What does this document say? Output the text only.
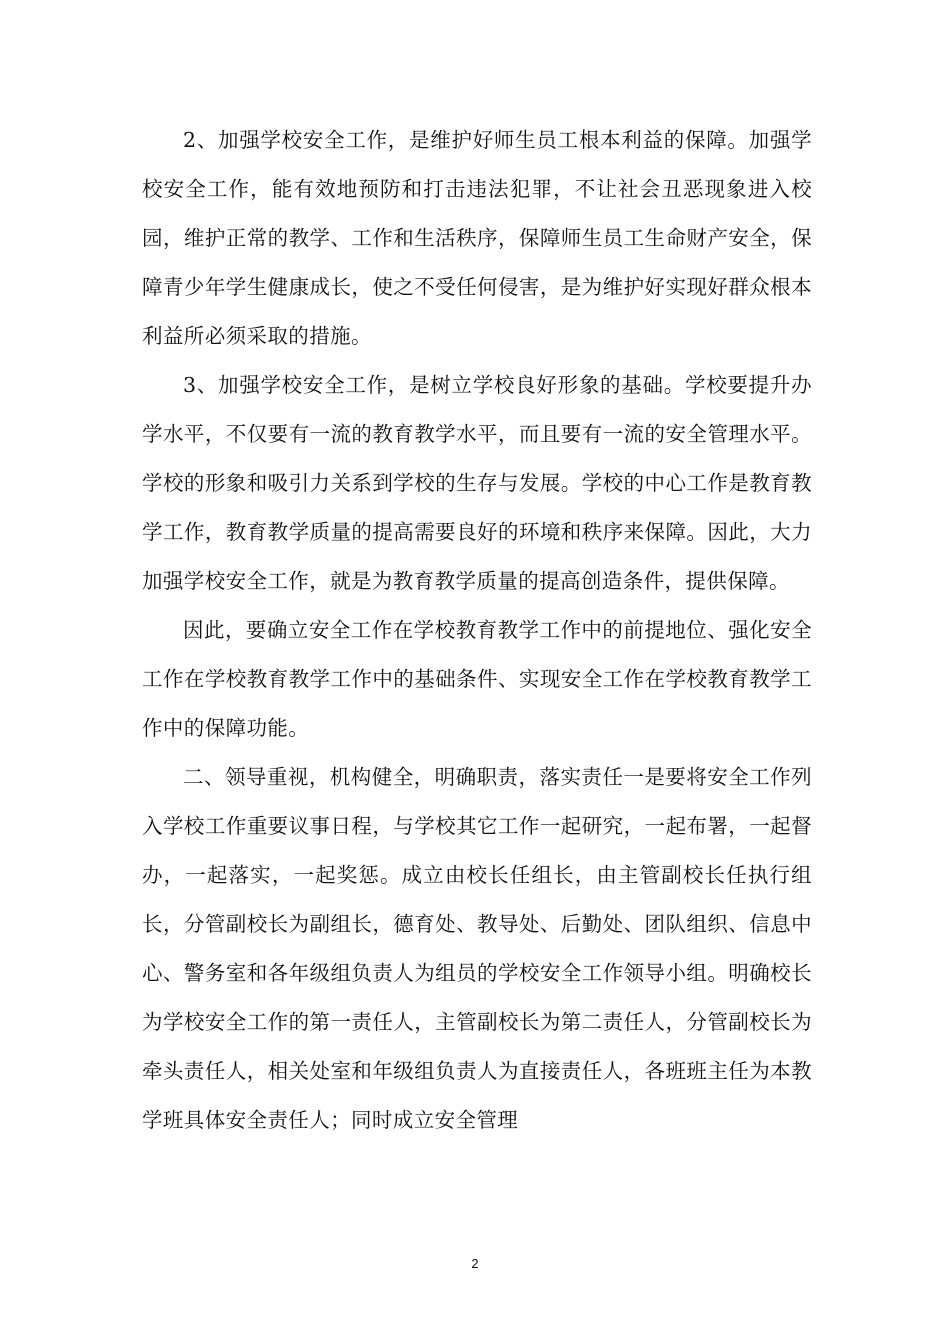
2、加强学校安全工作，是维护好师生员工根本利益的保障。加强学校安全工作，能有效地预防和打击违法犯罪，不让社会丑恶现象进入校园，维护正常的教学、工作和生活秩序，保障师生员工生命财产安全，保障青少年学生健康成长，使之不受任何侵害，是为维护好实现好群众根本利益所必须采取的措施。

3、加强学校安全工作，是树立学校良好形象的基础。学校要提升办学水平，不仅要有一流的教育教学水平，而且要有一流的安全管理水平。学校的形象和吸引力关系到学校的生存与发展。学校的中心工作是教育教学工作，教育教学质量的提高需要良好的环境和秩序来保障。因此，大力加强学校安全工作，就是为教育教学质量的提高创造条件，提供保障。

因此，要确立安全工作在学校教育教学工作中的前提地位、强化安全工作在学校教育教学工作中的基础条件、实现安全工作在学校教育教学工作中的保障功能。

二、领导重视，机构健全，明确职责，落实责任一是要将安全工作列入学校工作重要议事日程，与学校其它工作一起研究，一起布署，一起督办，一起落实，一起奖惩。成立由校长任组长，由主管副校长任执行组长，分管副校长为副组长，德育处、教导处、后勤处、团队组织、信息中心、警务室和各年级组负责人为组员的学校安全工作领导小组。明确校长为学校安全工作的第一责任人，主管副校长为第二责任人，分管副校长为牵头责任人，相关处室和年级组负责人为直接责任人，各班班主任为本教学班具体安全责任人；同时成立安全管理

2
